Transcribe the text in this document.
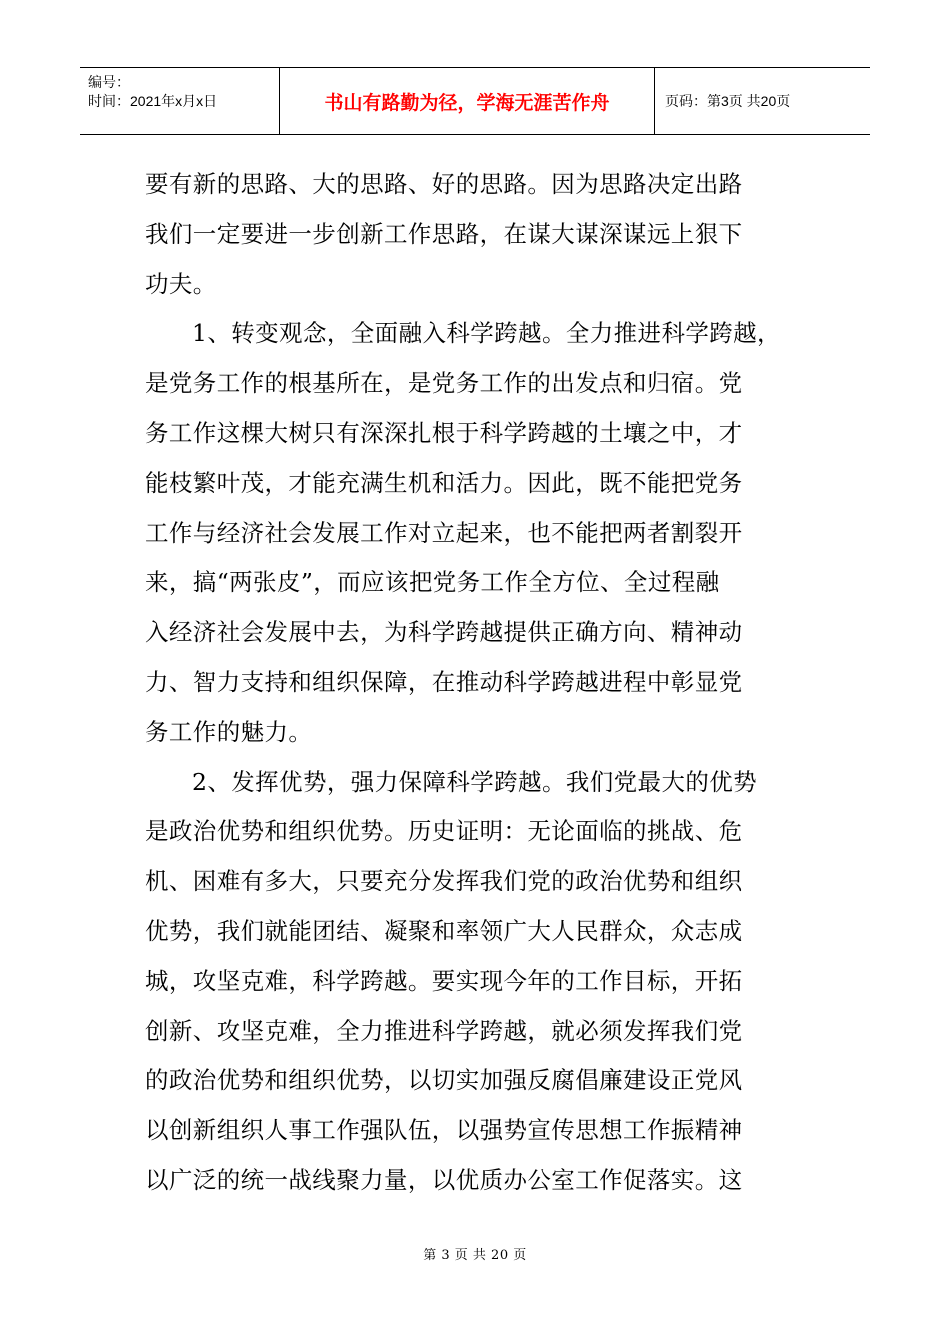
编号：
时间：2021年x月x日	书山有路勤为径，学海无涯苦作舟	页码：第3页 共20页
要有新的思路、大的思路、好的思路。因为思路决定出路
我们一定要进一步创新工作思路，在谋大谋深谋远上狠下
功夫。
1、转变观念，全面融入科学跨越。全力推进科学跨越，
是党务工作的根基所在，是党务工作的出发点和归宿。党
务工作这棵大树只有深深扎根于科学跨越的土壤之中，才
能枝繁叶茂，才能充满生机和活力。因此，既不能把党务
工作与经济社会发展工作对立起来，也不能把两者割裂开
来，搞“两张皮”，而应该把党务工作全方位、全过程融
入经济社会发展中去，为科学跨越提供正确方向、精神动
力、智力支持和组织保障，在推动科学跨越进程中彰显党
务工作的魅力。
2、发挥优势，强力保障科学跨越。我们党最大的优势
是政治优势和组织优势。历史证明：无论面临的挑战、危
机、困难有多大，只要充分发挥我们党的政治优势和组织
优势，我们就能团结、凝聚和率领广大人民群众，众志成
城，攻坚克难，科学跨越。要实现今年的工作目标，开拓
创新、攻坚克难，全力推进科学跨越，就必须发挥我们党
的政治优势和组织优势，以切实加强反腐倡廉建设正党风
以创新组织人事工作强队伍，以强势宣传思想工作振精神
以广泛的统一战线聚力量，以优质办公室工作促落实。这
第 3 页 共 20 页
